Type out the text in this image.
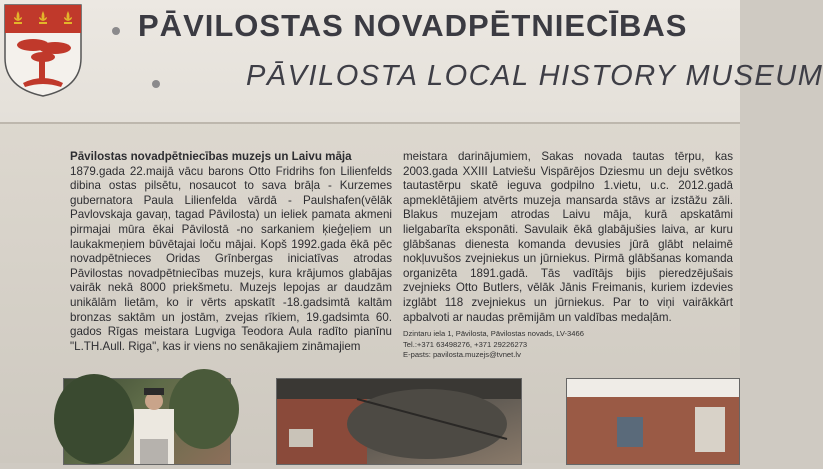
PĀVILOSTAS NOVADPĒTNIECĪBAS
PĀVILOSTA LOCAL HISTORY MUSEUM

Pāvilostas novadpētniecības muzejs un Laivu māja

1879.gada 22.maijā vācu barons Otto Fridrihs fon Lilienfelds dibina ostas pilsētu, nosaucot to sava brāļa - Kurzemes gubernatora Paula Lilienfelda vārdā - Paulshafen(vēlāk Pavlovskaja gavaņ, tagad Pāvilosta) un ieliek pamata akmeni pirmajai mūra ēkai Pāvilostā -no sarkaniem ķieģeļiem un laukakmeņiem būvētajai loču mājai. Kopš 1992.gada ēkā pēc novadpētnieces Oridas Grīnbergas iniciatīvas atrodas Pāvilostas novadpētniecības muzejs, kura krājumos glabājas vairāk nekā 8000 priekšmetu. Muzejs lepojas ar daudzām unikālām lietām, ko ir vērts apskatīt -18.gadsimtā kaltām bronzas saktām un jostām, zvejas rīkiem, 19.gadsimta 60. gados Rīgas meistara Lugviga Teodora Aula radīto pianīnu "L.TH.Aull. Riga", kas ir viens no senākajiem zināmajiem

meistara darinājumiem, Sakas novada tautas tērpu, kas 2003.gada XXIII Latviešu Vispārējos Dziesmu un deju svētkos tautastērpu skatē ieguva godpilno 1.vietu, u.c. 2012.gadā apmeklētājiem atvērts muzeja mansarda stāvs ar izstāžu zāli. Blakus muzejam atrodas Laivu māja, kurā apskatāmi lielgabarīta eksponāti. Savulaik ēkā glabājušies laiva, ar kuru glābšanas dienesta komanda devusies jūrā glābt nelaimē nokļuvušos zvejniekus un jūrniekus. Pirmā glābšanas komanda organizēta 1891.gadā. Tās vadītājs bijis pieredzējušais zvejnieks Otto Butlers, vēlāk Jānis Freimanis, kuriem izdevies izglābt 118 zvejniekus un jūrniekus. Par to viņi vairākkārt apbalvoti ar naudas prēmijām un valdības medaļām.

Dzintaru iela 1, Pāvilosta, Pāvilostas novads, LV-3466
Tel.:+371 63498276, +371 29226273
E-pasts: pavilosta.muzejs@tvnet.lv
